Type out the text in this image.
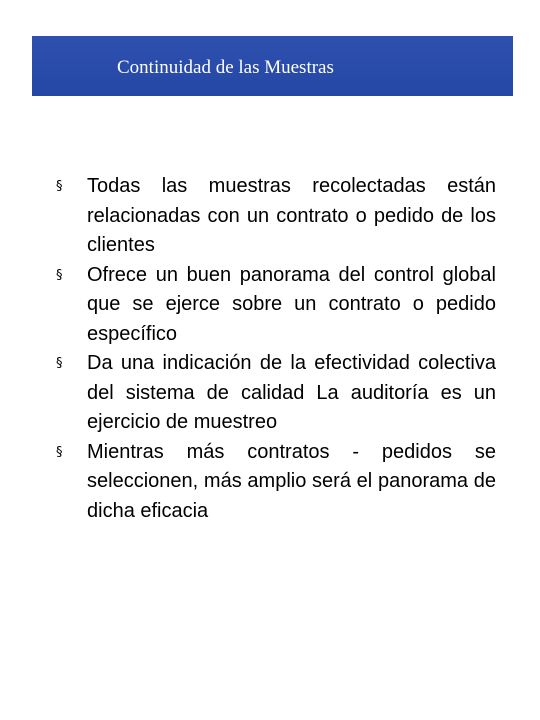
Continuidad de las Muestras
§ Todas las muestras recolectadas están relacionadas con un contrato o pedido de los clientes
§ Ofrece un buen panorama del control global que se ejerce sobre un contrato o pedido específico
§ Da una indicación de la efectividad colectiva del sistema de calidad La auditoría es un ejercicio de muestreo
§ Mientras más contratos - pedidos se seleccionen, más amplio será el panorama de dicha eficacia
